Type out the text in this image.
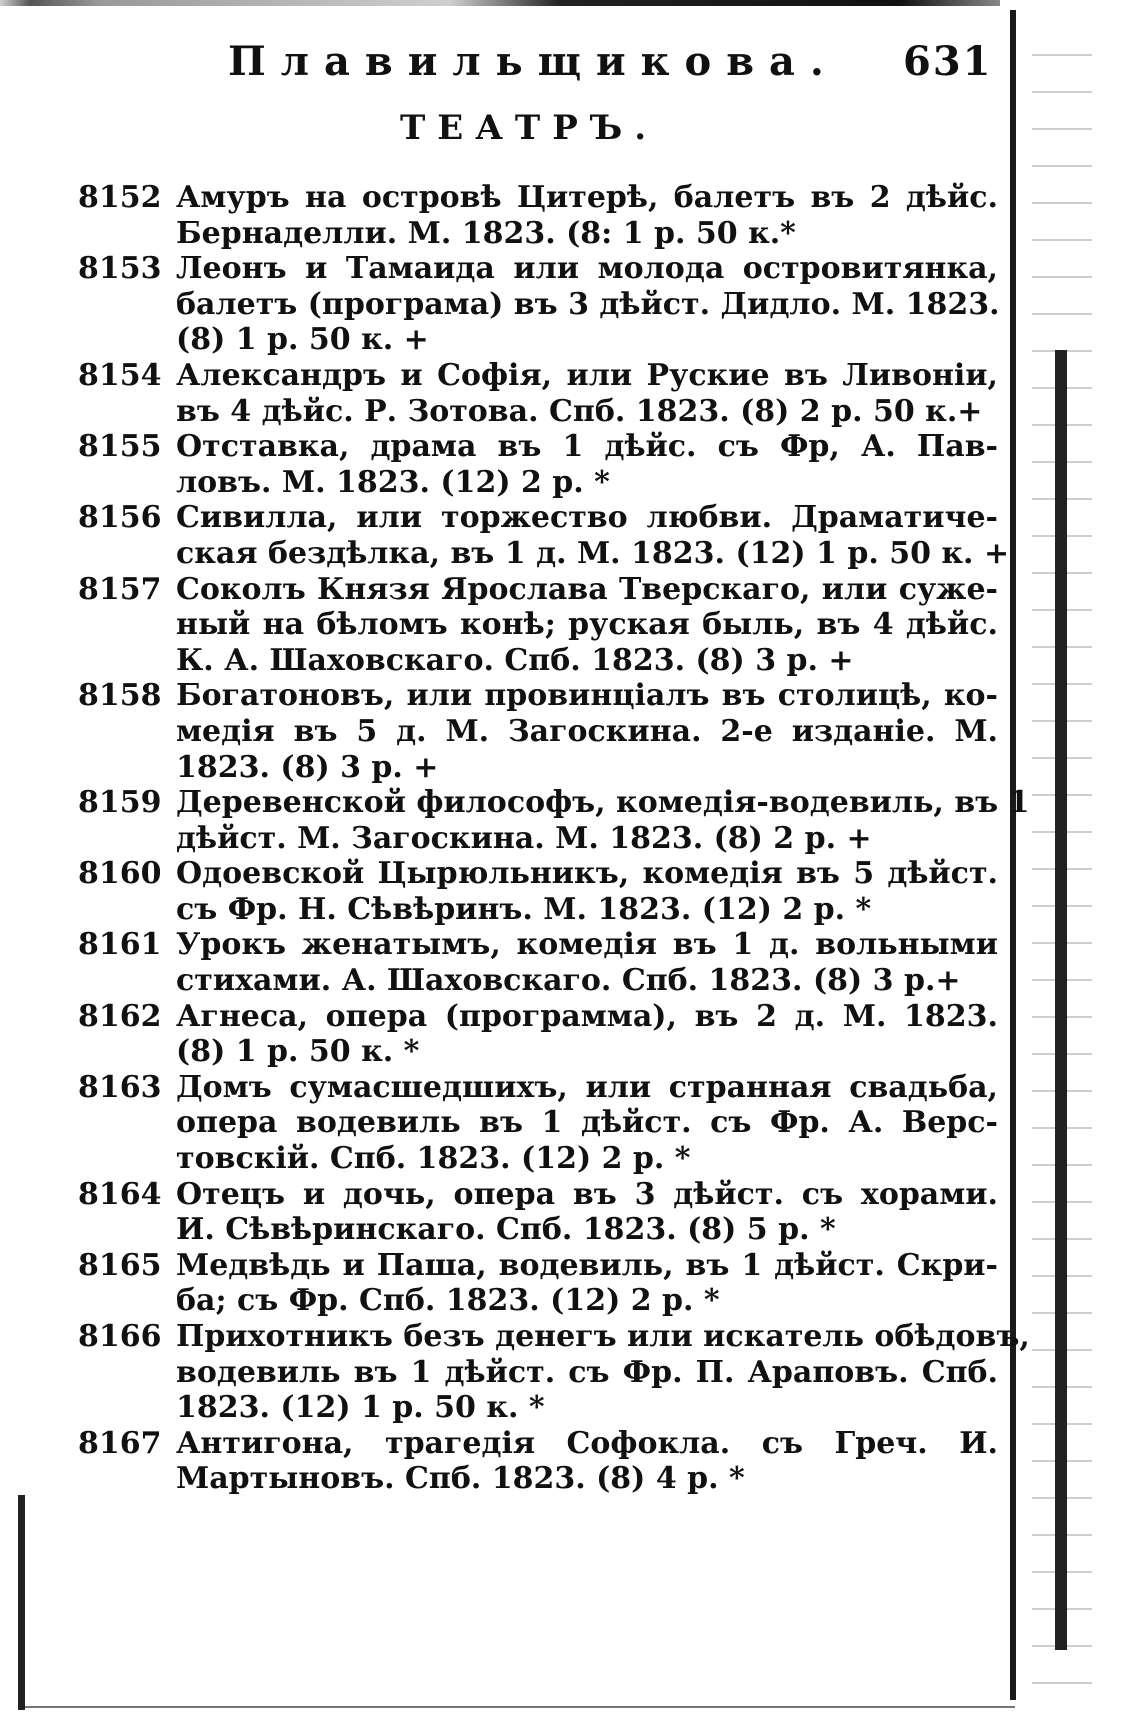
Плавильщикова. 631
ТЕАТРЪ.
8152 Амуръ на островѣ Цитерѣ, балетъ въ 2 дѣйс.
Бернаделли. М. 1823. (8: 1 р. 50 к.*
8153 Леонъ и Тамаида или молода островитянка,
балетъ (програма) въ 3 дѣйст. Дидло. М. 1823.
(8) 1 р. 50 к. +
8154 Александръ и Софія, или Руские въ Ливоніи,
въ 4 дѣйс. Р. Зотова. Спб. 1823. (8) 2 р. 50 к.+
8155 Отставка, драма въ 1 дѣйс. съ Фр, А. Пав-
ловъ. М. 1823. (12) 2 р. *
8156 Сивилла, или торжество любви. Драматиче-
ская бездѣлка, въ 1 д. М. 1823. (12) 1 р. 50 к. +
8157 Соколъ Князя Ярослава Тверскаго, или суже-
ный на бѣломъ конѣ; руская быль, въ 4 дѣйс.
К. А. Шаховскаго. Спб. 1823. (8) 3 р. +
8158 Богатоновъ, или провинціалъ въ столицѣ, ко-
медія въ 5 д. М. Загоскина. 2-е изданіе. М.
1823. (8) 3 р. +
8159 Деревенской философъ, комедія-водевиль, въ 1
дѣйст. М. Загоскина. М. 1823. (8) 2 р. +
8160 Одоевской Цырюльникъ, комедія въ 5 дѣйст.
съ Фр. Н. Сѣвѣринъ. М. 1823. (12) 2 р. *
8161 Урокъ женатымъ, комедія въ 1 д. вольными
стихами. А. Шаховскаго. Спб. 1823. (8) 3 р.+
8162 Агнеса, опера (программа), въ 2 д. М. 1823.
(8) 1 р. 50 к. *
8163 Домъ сумасшедшихъ, или странная свадьба,
опера водевиль въ 1 дѣйст. съ Фр. А. Верс-
товскій. Спб. 1823. (12) 2 р. *
8164 Отецъ и дочь, опера въ 3 дѣйст. съ хорами.
И. Сѣвѣринскаго. Спб. 1823. (8) 5 р. *
8165 Медвѣдь и Паша, водевиль, въ 1 дѣйст. Скри-
ба; съ Фр. Спб. 1823. (12) 2 р. *
8166 Прихотникъ безъ денегъ или искатель обѣдовъ,
водевиль въ 1 дѣйст. съ Фр. П. Араповъ. Спб.
1823. (12) 1 р. 50 к. *
8167 Антигона, трагедія Софокла. съ Греч. И.
Мартыновъ. Спб. 1823. (8) 4 р. *
